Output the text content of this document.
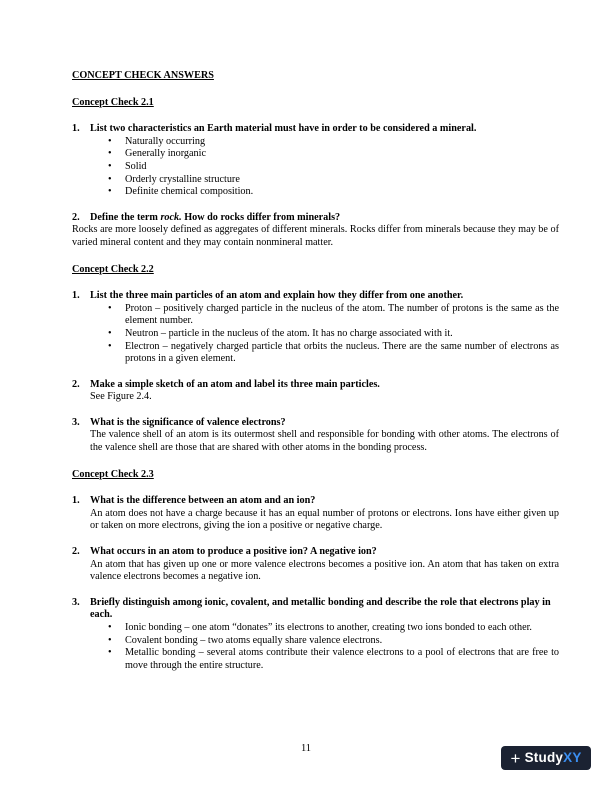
CONCEPT CHECK ANSWERS
Concept Check 2.1
1.	List two characteristics an Earth material must have in order to be considered a mineral.
• Naturally occurring
• Generally inorganic
• Solid
• Orderly crystalline structure
• Definite chemical composition.
2.	Define the term rock. How do rocks differ from minerals?

Rocks are more loosely defined as aggregates of different minerals. Rocks differ from minerals because they may be of varied mineral content and they may contain nonmineral matter.

Concept Check 2.2
1.	List the three main particles of an atom and explain how they differ from one another.
• Proton – positively charged particle in the nucleus of the atom. The number of protons is the same as the element number.
• Neutron – particle in the nucleus of the atom. It has no charge associated with it.
• Electron – negatively charged particle that orbits the nucleus. There are the same number of electrons as protons in a given element.
2.	Make a simple sketch of an atom and label its three main particles.

See Figure 2.4.

3.	What is the significance of valence electrons?

The valence shell of an atom is its outermost shell and responsible for bonding with other atoms. The electrons of the valence shell are those that are shared with other atoms in the bonding process.

Concept Check 2.3
1.	What is the difference between an atom and an ion?

An atom does not have a charge because it has an equal number of protons or electrons. Ions have either given up or taken on more electrons, giving the ion a positive or negative charge.

2.	What occurs in an atom to produce a positive ion? A negative ion?

An atom that has given up one or more valence electrons becomes a positive ion. An atom that has taken on extra valence electrons becomes a negative ion.

3.	Briefly distinguish among ionic, covalent, and metallic bonding and describe the role that electrons play in each.
• Ionic bonding – one atom “donates” its electrons to another, creating two ions bonded to each other.
• Covalent bonding – two atoms equally share valence electrons.
• Metallic bonding – several atoms contribute their valence electrons to a pool of electrons that are free to move through the entire structure.
11	+ Study XY
